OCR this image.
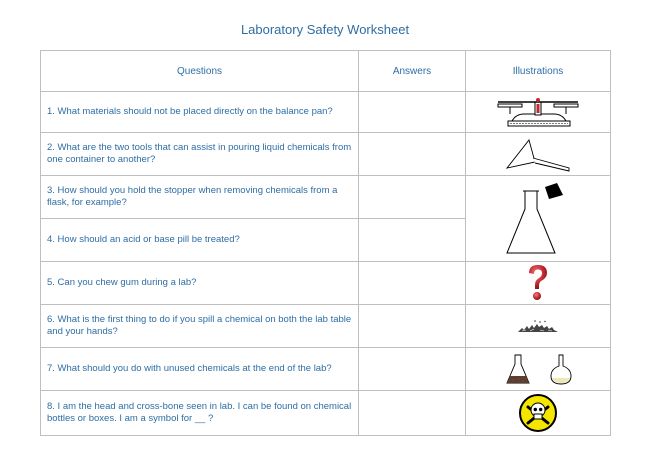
Laboratory Safety Worksheet
Questions	Answers	Illustrations
1. What materials should not be placed directly on the balance pan?		

2. What are the two tools that can assist in pouring liquid chemicals from one container to another?		

3. How should you hold the stopper when removing chemicals from a flask, for example?		

4. How should an acid or base pill be treated?		
5. Can you chew gum during a lab?		

6. What is the first thing to do if you spill a chemical on both the lab table and your hands?		

7. What should you do with unused chemicals at the end of the lab?		

8. I am the head and cross-bone seen in lab. I can be found on chemical bottles or boxes. I am a symbol for __ ?		
